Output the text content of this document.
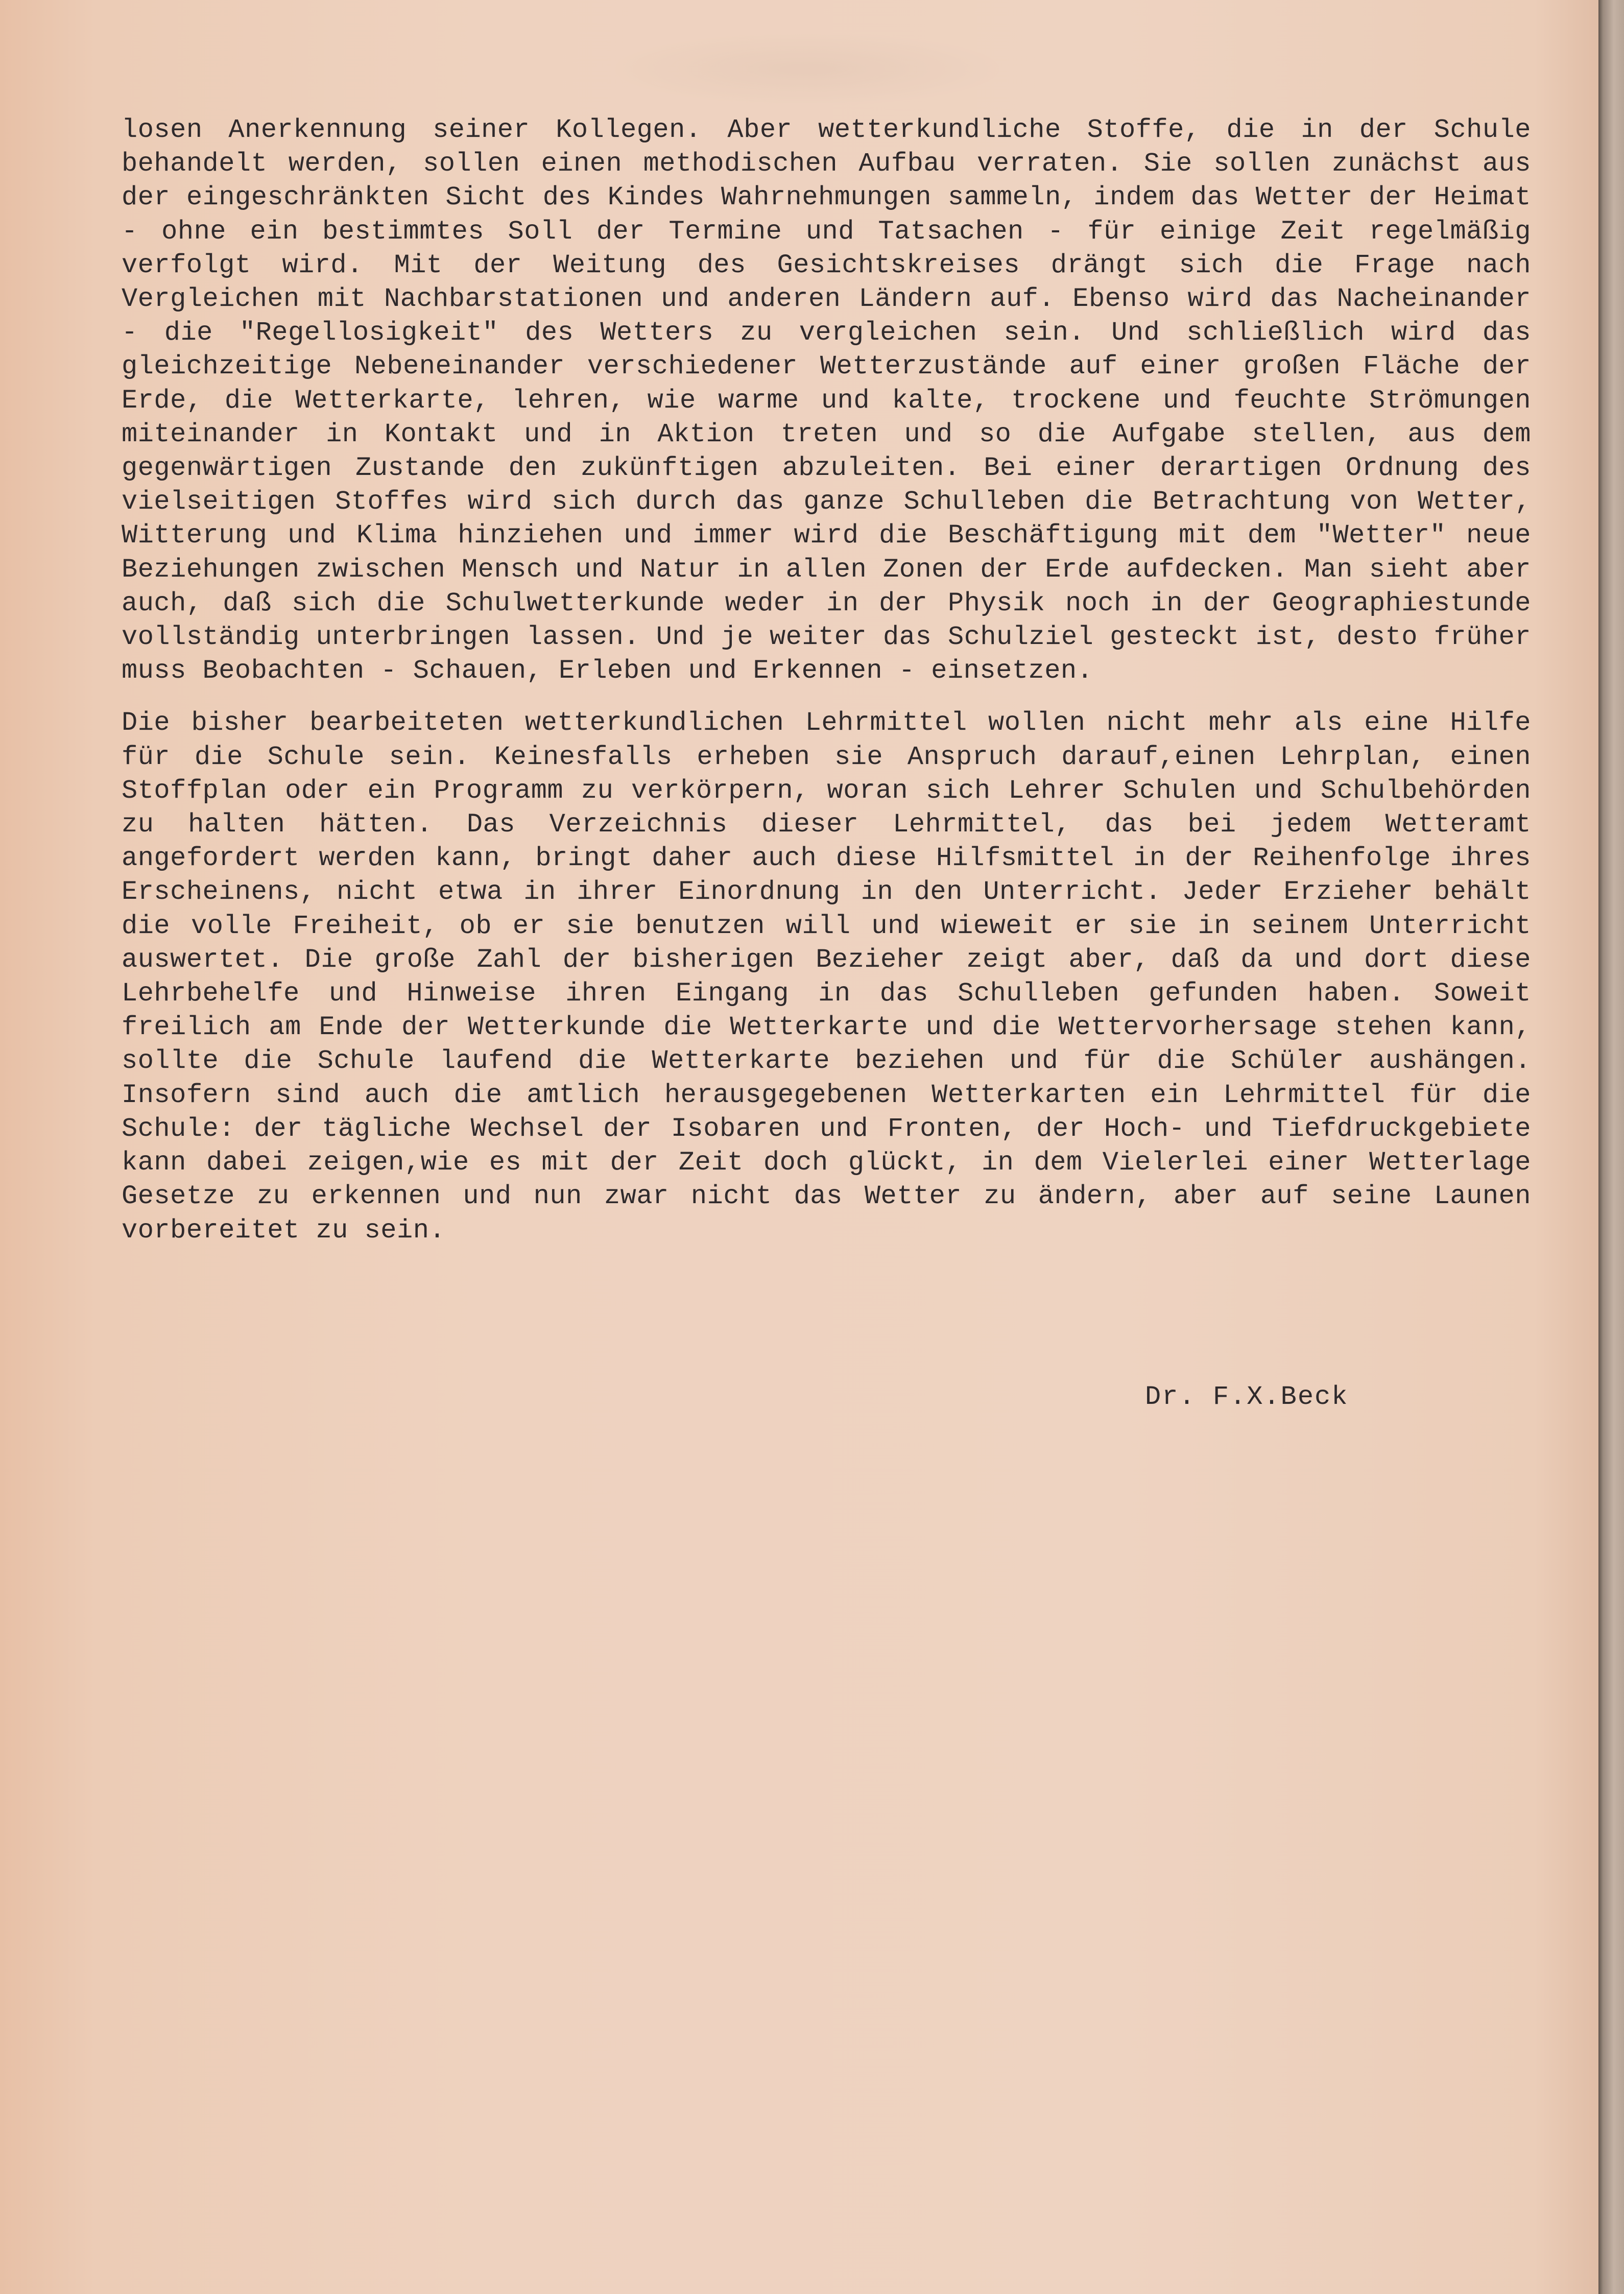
losen Anerkennung seiner Kollegen. Aber wetterkundliche Stoffe, die in der Schule behandelt werden, sollen einen methodischen Aufbau verraten. Sie sollen zunächst aus der eingeschränkten Sicht des Kindes Wahrnehmungen sammeln, indem das Wetter der Heimat - ohne ein bestimmtes Soll der Termine und Tatsachen - für einige Zeit regelmäßig verfolgt wird. Mit der Weitung des Gesichtskreises drängt sich die Frage nach Vergleichen mit Nachbarstationen und anderen Ländern auf. Ebenso wird das Nacheinander - die "Regellosigkeit" des Wetters zu vergleichen sein. Und schließlich wird das gleichzeitige Nebeneinander verschiedener Wetterzustände auf einer großen Fläche der Erde, die Wetterkarte, lehren, wie warme und kalte, trockene und feuchte Strömungen miteinander in Kontakt und in Aktion treten und so die Aufgabe stellen, aus dem gegenwärtigen Zustande den zukünftigen abzuleiten. Bei einer derartigen Ordnung des vielseitigen Stoffes wird sich durch das ganze Schulleben die Betrachtung von Wetter, Witterung und Klima hinziehen und immer wird die Beschäftigung mit dem "Wetter" neue Beziehungen zwischen Mensch und Natur in allen Zonen der Erde aufdecken. Man sieht aber auch, daß sich die Schulwetterkunde weder in der Physik noch in der Geographiestunde vollständig unterbringen lassen. Und je weiter das Schulziel gesteckt ist, desto früher muss Beobachten - Schauen, Erleben und Erkennen - einsetzen.

Die bisher bearbeiteten wetterkundlichen Lehrmittel wollen nicht mehr als eine Hilfe für die Schule sein. Keinesfalls erheben sie Anspruch darauf,einen Lehrplan, einen Stoffplan oder ein Programm zu verkörpern, woran sich Lehrer Schulen und Schulbehörden zu halten hätten. Das Verzeichnis dieser Lehrmittel, das bei jedem Wetteramt angefordert werden kann, bringt daher auch diese Hilfsmittel in der Reihenfolge ihres Erscheinens, nicht etwa in ihrer Einordnung in den Unterricht. Jeder Erzieher behält die volle Freiheit, ob er sie benutzen will und wieweit er sie in seinem Unterricht auswertet. Die große Zahl der bisherigen Bezieher zeigt aber, daß da und dort diese Lehrbehelfe und Hinweise ihren Eingang in das Schulleben gefunden haben. Soweit freilich am Ende der Wetterkunde die Wetterkarte und die Wettervorhersage stehen kann, sollte die Schule laufend die Wetterkarte beziehen und für die Schüler aushängen. Insofern sind auch die amtlich herausgegebenen Wetterkarten ein Lehrmittel für die Schule: der tägliche Wechsel der Isobaren und Fronten, der Hoch- und Tiefdruckgebiete kann dabei zeigen,wie es mit der Zeit doch glückt, in dem Vielerlei einer Wetterlage Gesetze zu erkennen und nun zwar nicht das Wetter zu ändern, aber auf seine Launen vorbereitet zu sein.

Dr. F.X.Beck
